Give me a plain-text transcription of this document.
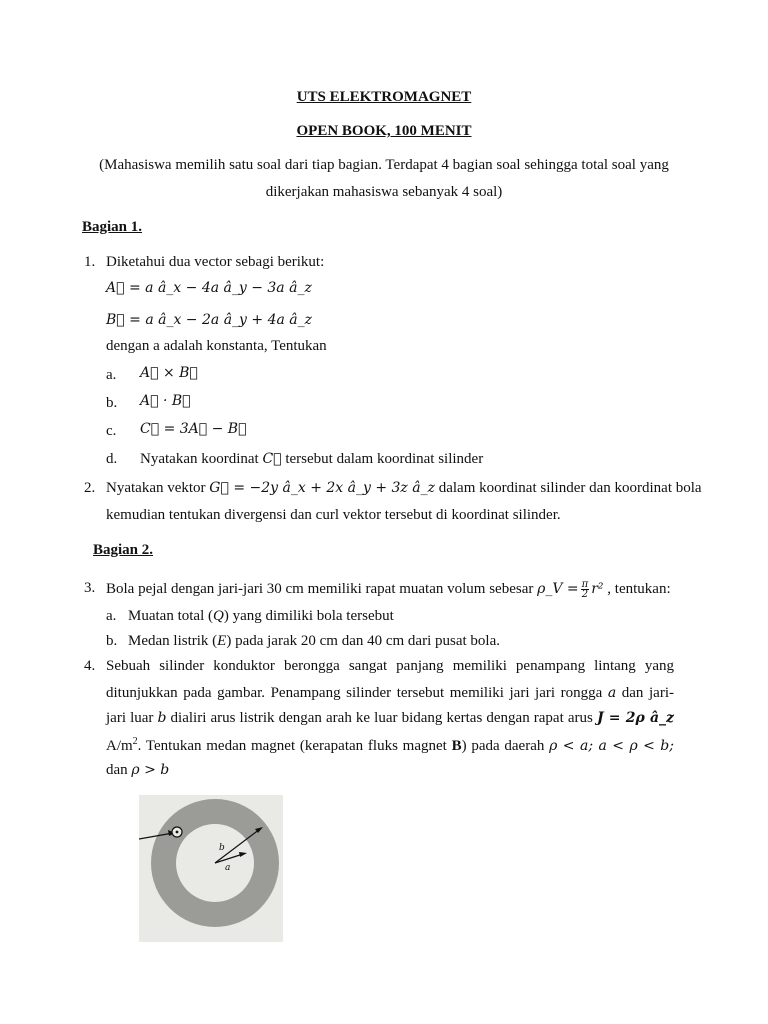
UTS ELEKTROMAGNET
OPEN BOOK, 100 MENIT
(Mahasiswa memilih satu soal dari tiap bagian. Terdapat 4 bagian soal sehingga total soal yang
dikerjakan mahasiswa sebanyak 4 soal)
Bagian 1.
1. Diketahui dua vector sebagi berikut:
A⃗ = a â_x − 4a â_y − 3a â_z
B⃗ = a â_x − 2a â_y + 4a â_z
dengan a adalah konstanta, Tentukan
a. A⃗ × B⃗
b. A⃗ · B⃗
c. C⃗ = 3A⃗ − B⃗
d. Nyatakan koordinat C⃗ tersebut dalam koordinat silinder
2. Nyatakan vektor G⃗ = −2y â_x + 2x â_y + 3z â_z dalam koordinat silinder dan koordinat bola
kemudian tentukan divergensi dan curl vektor tersebut di koordinat silinder.
Bagian 2.
3. Bola pejal dengan jari-jari 30 cm memiliki rapat muatan volum sebesar ρ_V = $\frac{\pi}{2} r^2$ , tentukan:
a. Muatan total (Q) yang dimiliki bola tersebut
b. Medan listrik (E) pada jarak 20 cm dan 40 cm dari pusat bola.
4. Sebuah silinder konduktor berongga sangat panjang memiliki penampang lintang yang
ditunjukkan pada gambar. Penampang silinder tersebut memiliki jari jari rongga a dan jari-
jari luar b dialiri arus listrik dengan arah ke luar bidang kertas dengan rapat arus J = 2ρ â_z
$A/m^2$. Tentukan medan magnet (kerapatan fluks magnet B) pada daerah ρ < a; a < ρ < b;
dan ρ > b
b
a
